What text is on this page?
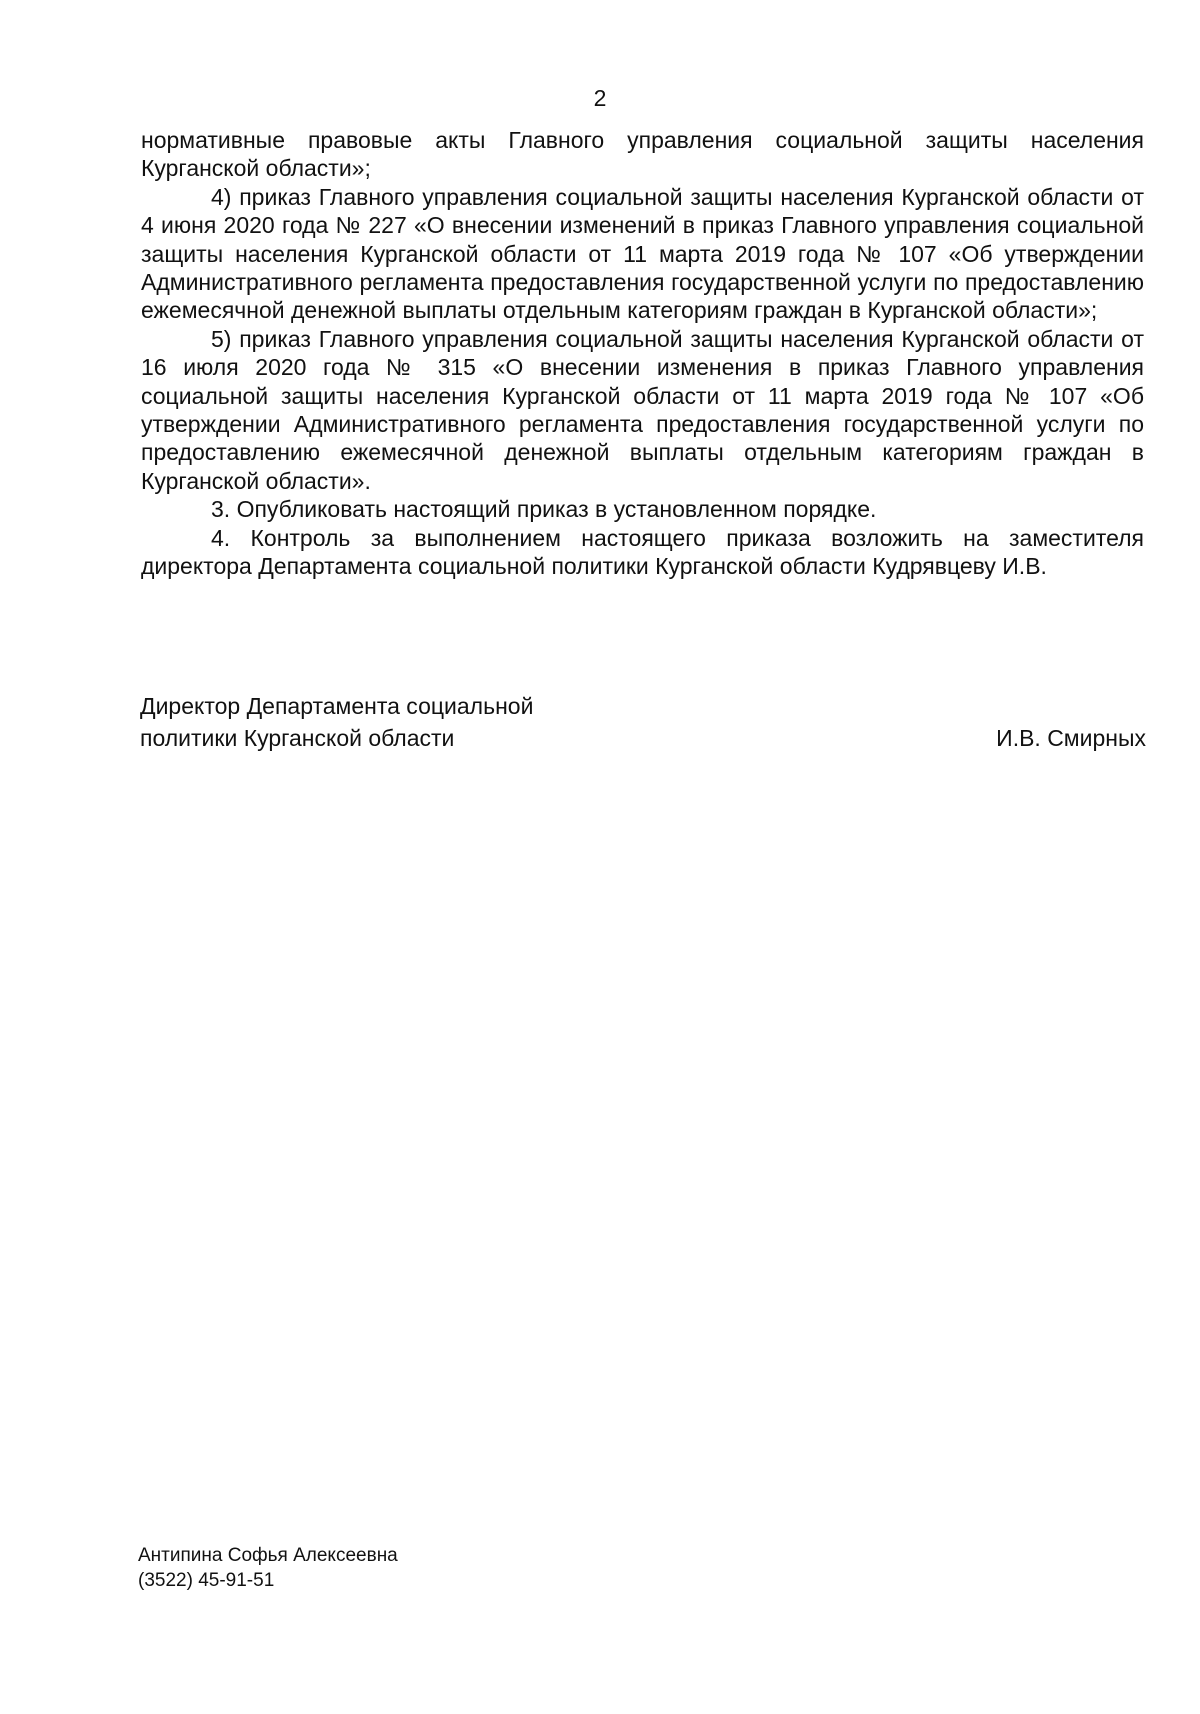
2

нормативные правовые акты Главного управления социальной защиты населения Курганской области»;

4) приказ Главного управления социальной защиты населения Курганской области от 4 июня 2020 года № 227 «О внесении изменений в приказ Главного управления социальной защиты населения Курганской области от 11 марта 2019 года № 107 «Об утверждении Административного регламента предоставления государственной услуги по предоставлению ежемесячной денежной выплаты отдельным категориям граждан в Курганской области»;

5) приказ Главного управления социальной защиты населения Курганской области от 16 июля 2020 года № 315 «О внесении изменения в приказ Главного управления социальной защиты населения Курганской области от 11 марта 2019 года № 107 «Об утверждении Административного регламента предоставления государственной услуги по предоставлению ежемесячной денежной выплаты отдельным категориям граждан в Курганской области».

3. Опубликовать настоящий приказ в установленном порядке.

4. Контроль за выполнением настоящего приказа возложить на заместителя директора Департамента социальной политики Курганской области Кудрявцеву И.В.

Директор Департамента социальной политики Курганской области	И.В. Смирных
Антипина Софья Алексеевна
(3522) 45-91-51
